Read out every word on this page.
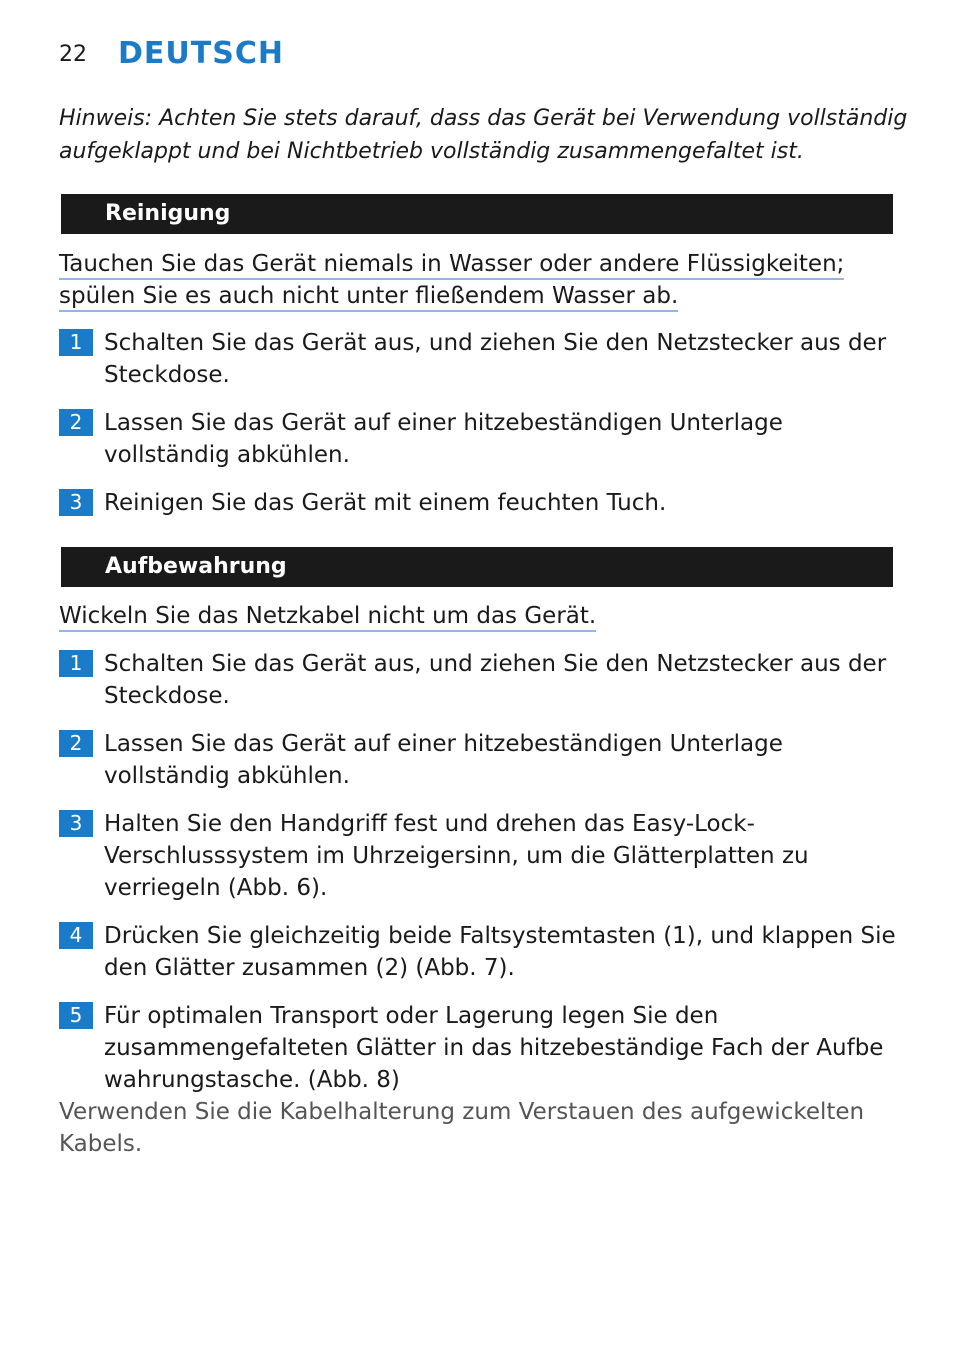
22 DEUTSCH
Hinweis: Achten Sie stets darauf, dass das Gerät bei Verwendung vollständig
aufgeklappt und bei Nichtbetrieb vollständig zusammengefaltet ist.
Reinigung
Tauchen Sie das Gerät niemals in Wasser oder andere Flüssigkeiten;
spülen Sie es auch nicht unter fließendem Wasser ab.
1 Schalten Sie das Gerät aus, und ziehen Sie den Netzstecker aus der
Steckdose.
2 Lassen Sie das Gerät auf einer hitzebeständigen Unterlage
vollständig abkühlen.
3 Reinigen Sie das Gerät mit einem feuchten Tuch.
Aufbewahrung
Wickeln Sie das Netzkabel nicht um das Gerät.
1 Schalten Sie das Gerät aus, und ziehen Sie den Netzstecker aus der
Steckdose.
2 Lassen Sie das Gerät auf einer hitzebeständigen Unterlage
vollständig abkühlen.
3 Halten Sie den Handgriff fest und drehen das Easy-Lock-
Verschlusssystem im Uhrzeigersinn, um die Glätterplatten zu
verriegeln (Abb. 6).
4 Drücken Sie gleichzeitig beide Faltsystemtasten (1), und klappen Sie
den Glätter zusammen (2) (Abb. 7).
5 Für optimalen Transport oder Lagerung legen Sie den
zusammengefalteten Glätter in das hitzebeständige Fach der Aufbe
wahrungstasche. (Abb. 8)
Verwenden Sie die Kabelhalterung zum Verstauen des aufgewickelten
Kabels.
